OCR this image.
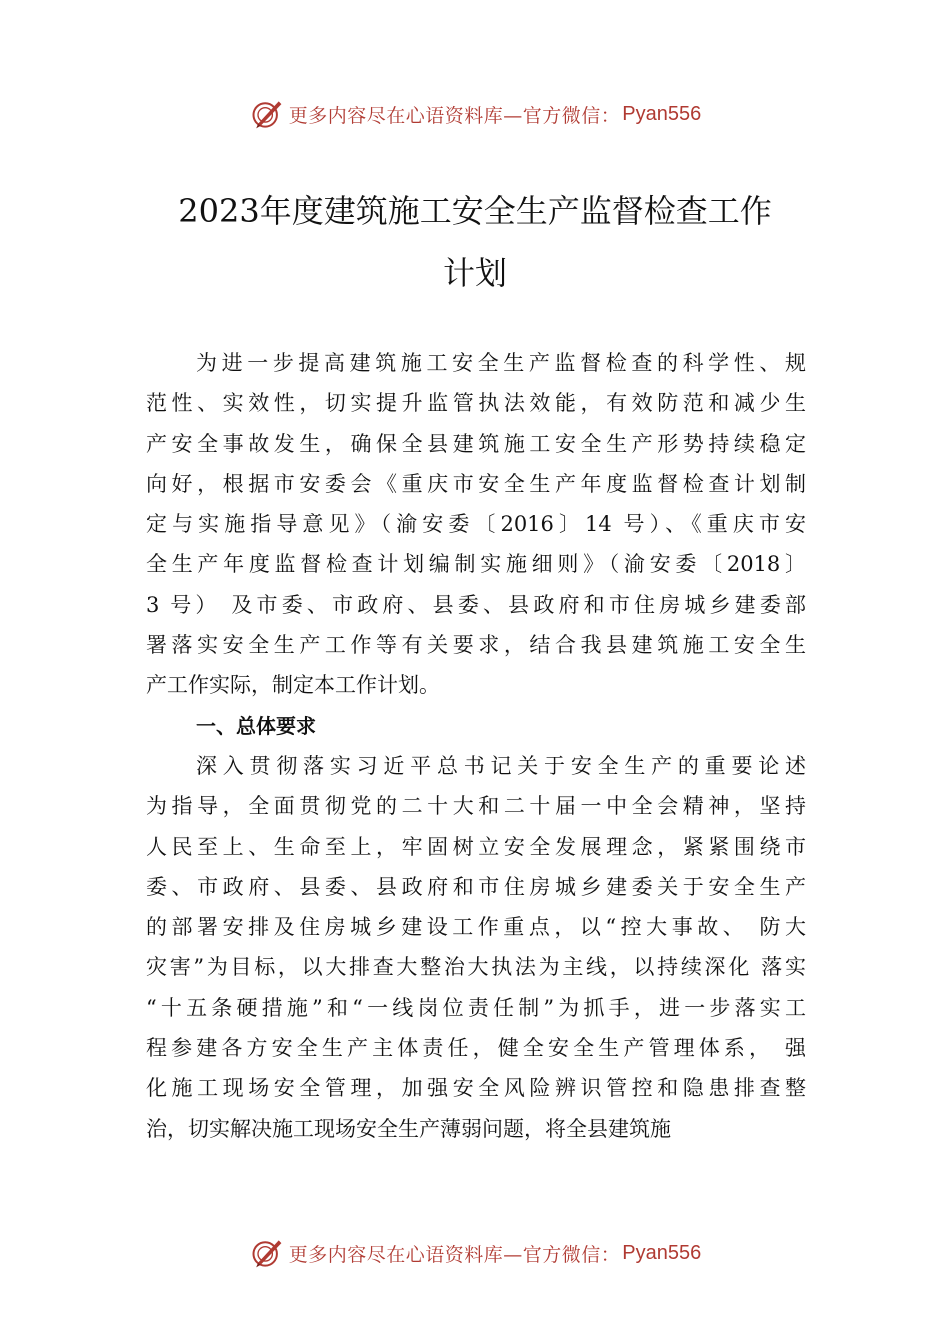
更多内容尽在心语资料库—官方微信： Pyan556
2023年度建筑施工安全生产监督检查工作
计划
为进一步提高建筑施工安全生产监督检查的科学性、规
范性、实效性，切实提升监管执法效能，有效防范和减少生
产安全事故发生，确保全县建筑施工安全生产形势持续稳定
向好，根据市安委会《重庆市安全生产年度监督检查计划制
定与实施指导意见》（渝安委〔2016〕14 号）、《重庆市安
全生产年度监督检查计划编制实施细则》（渝安委〔2018〕
3 号） 及市委、市政府、县委、县政府和市住房城乡建委部
署落实安全生产工作等有关要求，结合我县建筑施工安全生
产工作实际，制定本工作计划。
一、总体要求
深入贯彻落实习近平总书记关于安全生产的重要论述
为指导，全面贯彻党的二十大和二十届一中全会精神，坚持
人民至上、生命至上，牢固树立安全发展理念，紧紧围绕市
委、市政府、县委、县政府和市住房城乡建委关于安全生产
的部署安排及住房城乡建设工作重点，以“控大事故、 防大
灾害”为目标，以大排查大整治大执法为主线，以持续深化 落实
“十五条硬措施”和“一线岗位责任制”为抓手，进一步落实工
程参建各方安全生产主体责任，健全安全生产管理体系， 强
化施工现场安全管理，加强安全风险辨识管控和隐患排查整
治，切实解决施工现场安全生产薄弱问题，将全县建筑施
更多内容尽在心语资料库—官方微信： Pyan556
